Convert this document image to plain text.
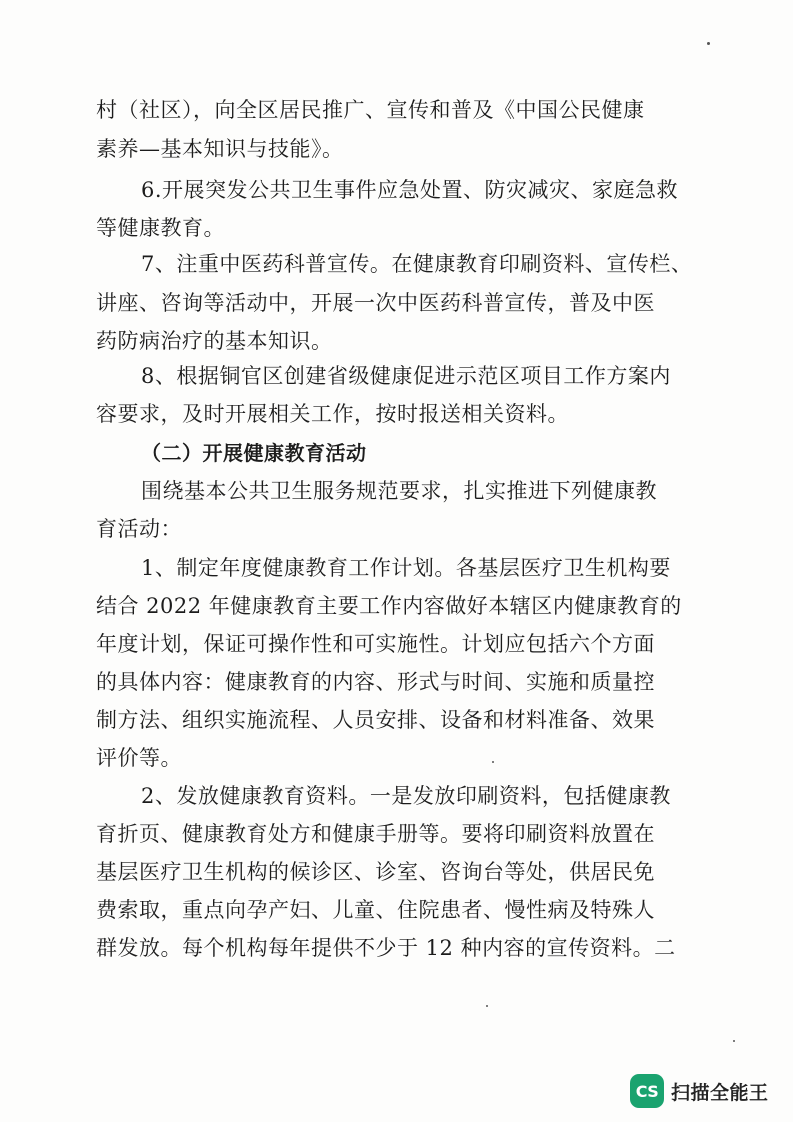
村（社区），向全区居民推广、宣传和普及《中国公民健康
素养—基本知识与技能》。
6.开展突发公共卫生事件应急处置、防灾减灾、家庭急救
等健康教育。
7、注重中医药科普宣传。在健康教育印刷资料、宣传栏、
讲座、咨询等活动中，开展一次中医药科普宣传，普及中医
药防病治疗的基本知识。
8、根据铜官区创建省级健康促进示范区项目工作方案内
容要求，及时开展相关工作，按时报送相关资料。
（二）开展健康教育活动
围绕基本公共卫生服务规范要求，扎实推进下列健康教
育活动：
1、制定年度健康教育工作计划。各基层医疗卫生机构要
结合 2022 年健康教育主要工作内容做好本辖区内健康教育的
年度计划，保证可操作性和可实施性。计划应包括六个方面
的具体内容：健康教育的内容、形式与时间、实施和质量控
制方法、组织实施流程、人员安排、设备和材料准备、效果
评价等。
2、发放健康教育资料。一是发放印刷资料，包括健康教
育折页、健康教育处方和健康手册等。要将印刷资料放置在
基层医疗卫生机构的候诊区、诊室、咨询台等处，供居民免
费索取，重点向孕产妇、儿童、住院患者、慢性病及特殊人
群发放。每个机构每年提供不少于 12 种内容的宣传资料。二
CS 扫描全能王
